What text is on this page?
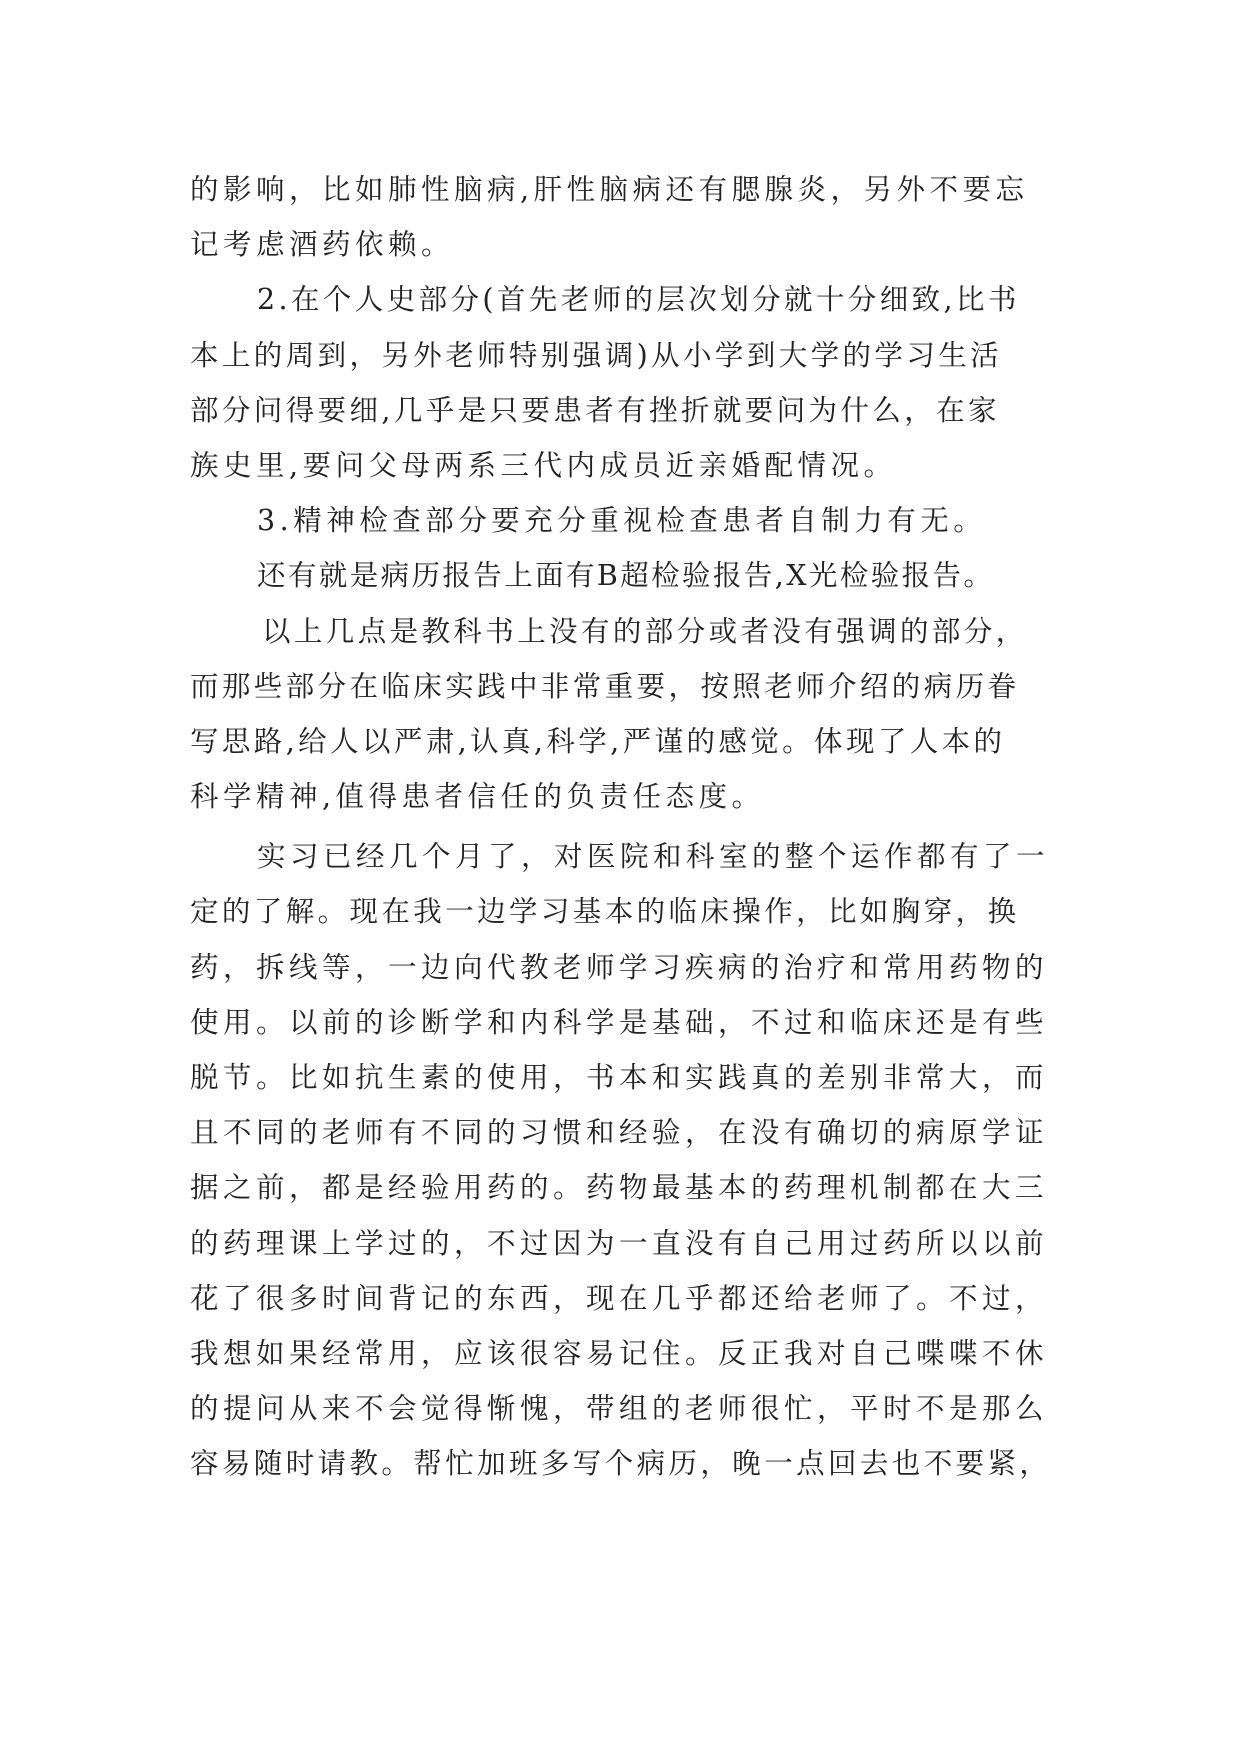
的影响，比如肺性脑病,肝性脑病还有腮腺炎，另外不要忘
记考虑酒药依赖。
2.在个人史部分(首先老师的层次划分就十分细致,比书
本上的周到，另外老师特别强调)从小学到大学的学习生活
部分问得要细,几乎是只要患者有挫折就要问为什么，在家
族史里,要问父母两系三代内成员近亲婚配情况。
3.精神检查部分要充分重视检查患者自制力有无。
还有就是病历报告上面有B超检验报告,X光检验报告。
以上几点是教科书上没有的部分或者没有强调的部分，
而那些部分在临床实践中非常重要，按照老师介绍的病历眷
写思路,给人以严肃,认真,科学,严谨的感觉。体现了人本的
科学精神,值得患者信任的负责任态度。
实习已经几个月了，对医院和科室的整个运作都有了一
定的了解。现在我一边学习基本的临床操作，比如胸穿，换
药，拆线等，一边向代教老师学习疾病的治疗和常用药物的
使用。以前的诊断学和内科学是基础，不过和临床还是有些
脱节。比如抗生素的使用，书本和实践真的差别非常大，而
且不同的老师有不同的习惯和经验，在没有确切的病原学证
据之前，都是经验用药的。药物最基本的药理机制都在大三
的药理课上学过的，不过因为一直没有自己用过药所以以前
花了很多时间背记的东西，现在几乎都还给老师了。不过，
我想如果经常用，应该很容易记住。反正我对自己喋喋不休
的提问从来不会觉得惭愧，带组的老师很忙，平时不是那么
容易随时请教。帮忙加班多写个病历，晚一点回去也不要紧，
